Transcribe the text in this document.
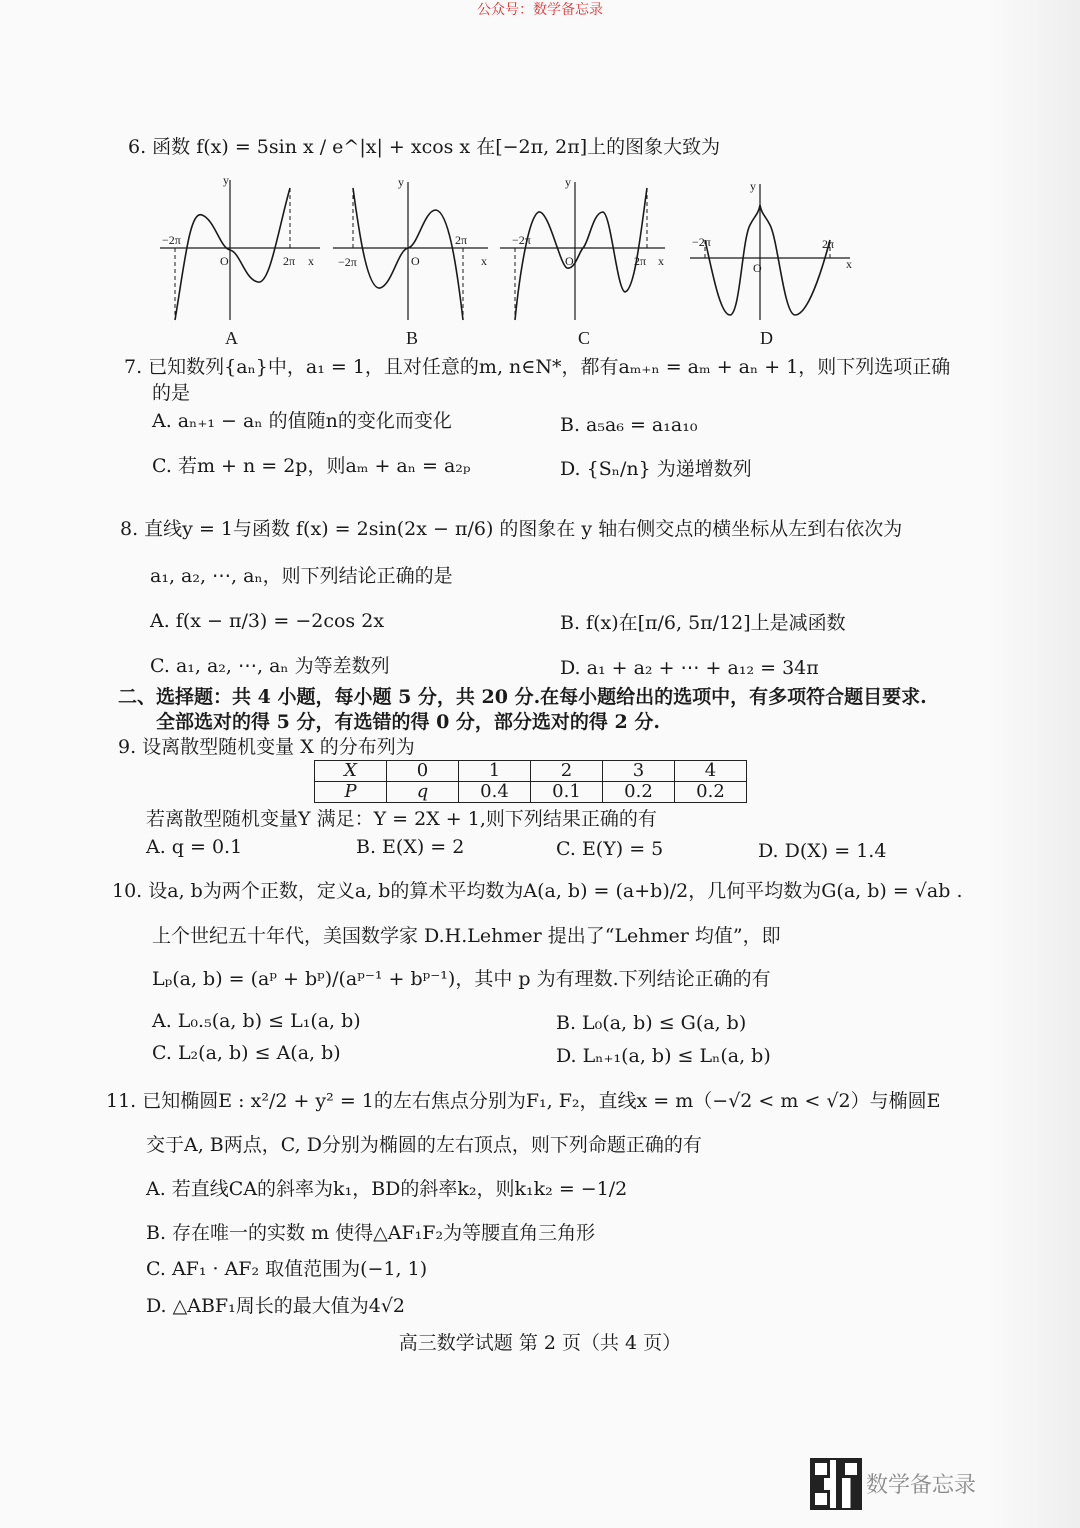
公众号：数学备忘录
6. 函数 f(x) = 5sin x / e^|x| + xcos x 在[−2π, 2π]上的图象大致为
y
O
−2π
2π x
y
O
−2π
2π
x
y
O
−2π
2π x
y
O
−2π	2π
x
A	B	C	D
7. 已知数列{aₙ}中，a₁ = 1，且对任意的m, n∈N*，都有aₘ₊ₙ = aₘ + aₙ + 1，则下列选项正确
的是
A. aₙ₊₁ − aₙ 的值随n的变化而变化	B. a₅a₆ = a₁a₁₀
C. 若m + n = 2p，则aₘ + aₙ = a₂ₚ	D. {Sₙ/n} 为递增数列
8. 直线y = 1与函数 f(x) = 2sin(2x − π/6) 的图象在 y 轴右侧交点的横坐标从左到右依次为
a₁, a₂, ⋯, aₙ，则下列结论正确的是
A. f(x − π/3) = −2cos 2x	B. f(x)在[π/6, 5π/12]上是减函数
C. a₁, a₂, ⋯, aₙ 为等差数列	D. a₁ + a₂ + ⋯ + a₁₂ = 34π
二、选择题：共 4 小题，每小题 5 分，共 20 分.在每小题给出的选项中，有多项符合题目要求.
全部选对的得 5 分，有选错的得 0 分，部分选对的得 2 分.
9. 设离散型随机变量 X 的分布列为
X	0	1	2	3	4
P	q	0.4	0.1	0.2	0.2
若离散型随机变量Y 满足：Y = 2X + 1,则下列结果正确的有
A. q = 0.1	B. E(X) = 2	C. E(Y) = 5	D. D(X) = 1.4
10. 设a, b为两个正数，定义a, b的算术平均数为A(a, b) = (a+b)/2，几何平均数为G(a, b) = √ab .
上个世纪五十年代，美国数学家 D.H.Lehmer 提出了“Lehmer 均值”，即
Lₚ(a, b) = (aᵖ + bᵖ)/(aᵖ⁻¹ + bᵖ⁻¹)，其中 p 为有理数.下列结论正确的有
A. L₀.₅(a, b) ≤ L₁(a, b)	B. L₀(a, b) ≤ G(a, b)
C. L₂(a, b) ≤ A(a, b)	D. Lₙ₊₁(a, b) ≤ Lₙ(a, b)
11. 已知椭圆E : x²/2 + y² = 1的左右焦点分别为F₁, F₂，直线x = m（−√2 < m < √2）与椭圆E
交于A, B两点，C, D分别为椭圆的左右顶点，则下列命题正确的有
A. 若直线CA的斜率为k₁，BD的斜率k₂，则k₁k₂ = −1/2
B. 存在唯一的实数 m 使得△AF₁F₂为等腰直角三角形
C. AF₁ · AF₂ 取值范围为(−1, 1)
D. △ABF₁周长的最大值为4√2
高三数学试题 第 2 页（共 4 页）
数学备忘录
